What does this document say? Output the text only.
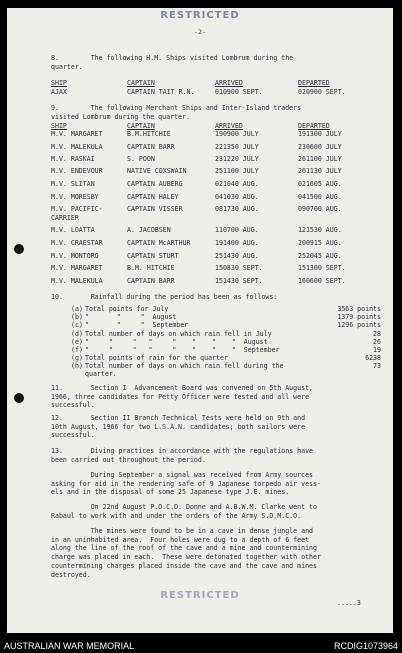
RESTRICTED
-2-
8.        The following H.M. Ships visited Lombrum during the
quarter.
SHIP	CAPTAIN	ARRIVED	DEPARTED
AJAX	CAPTAIN TAIT R.N.	010900 SEPT.	020900 SEPT.
9.        The following Merchant Ships and Inter-Island traders
visited Lombrum during the quarter.
SHIP	CAPTAIN	ARRIVED	DEPARTED
M.V. MARGARET	B.M.HITCHIE	190900 JULY	191300 JULY
M.V. MALEKULA	CAPTAIN BARR	221350 JULY	230600 JULY
M.V. RASKAI	S. POON	231220 JULY	261100 JULY
M.V. ENDEVOUR	NATIVE COXSWAIN	251100 JULY	261130 JULY
M.V. SLITAN	CAPTAIN AUBERG	021040 AUG.	021605 AUG.
M.V. MORESBY	CAPTAIN HALEY	041030 AUG.	041500 AUG.
M.V. PACIFIC-
CARRIER
CAPTAIN VISSER	081730 AUG.	090700 AUG.
M.V. LOATTA	A. JACOBSEN	110700 AUG.	121530 AUG.
M.V. CRAESTAR	CAPTAIN McARTHUR	191400 AUG.	200915 AUG.
M.V. MONTORO	CAPTAIN STURT	251430 AUG.	252045 AUG.
M.V. MARGARET	B.M. HITCHIE	150830 SEPT.	151300 SEPT.
M.V. MALEKULA	CAPTAIN BARR	151430 SEPT.	160600 SEPT.
10.       Rainfall during the period has been as follows:
(a) Total points for July	3563 points
(b) "       "     "  August	1379 points
(c) "       "     "  September	1296 points
(d) Total number of days on which rain fell in July	28
(e) "     "     "   "     "    "    "    "  August	26
(f) "     "     "   "     "    "    "    "  September	19
(g) Total points of rain for the quarter	6238
(h) Total number of days on which rain fell during the	73
quarter.
11.       Section I  Advancement Board was convened on 5th August,
1966, three candidates for Petty Officer were tested and all were
successful.
12.       Section II Branch Technical Tests were held on 9th and
10th August, 1966 for two L.S.A.N. candidates; both sailors were
successful.
13.       Diving practices in accordance with the regulations have
been carried out throughout the period.
During September a signal was received from Army sources
asking for aid in the rendering safe of 9 Japanese torpedo air vess-
els and in the disposal of some 25 Japanese type J.E. mines.
On 22nd August P.O.C.D. Donne and A.B.W.M. Clarke went to
Rabaul to work with and under the orders of the Army S.D.M.C.O.
The mines were found to be in a cave in dense jungle and
in an uninhabited area.  Four holes were dug to a depth of 6 feet
along the line of the roof of the cave and a mine and countermining
charge was placed in each.  These were detonated together with other
countermining charges placed inside the cave and the cave and mines
destroyed.
RESTRICTED
.....3
AUSTRALIAN WAR MEMORIAL	RCDIG1073964
